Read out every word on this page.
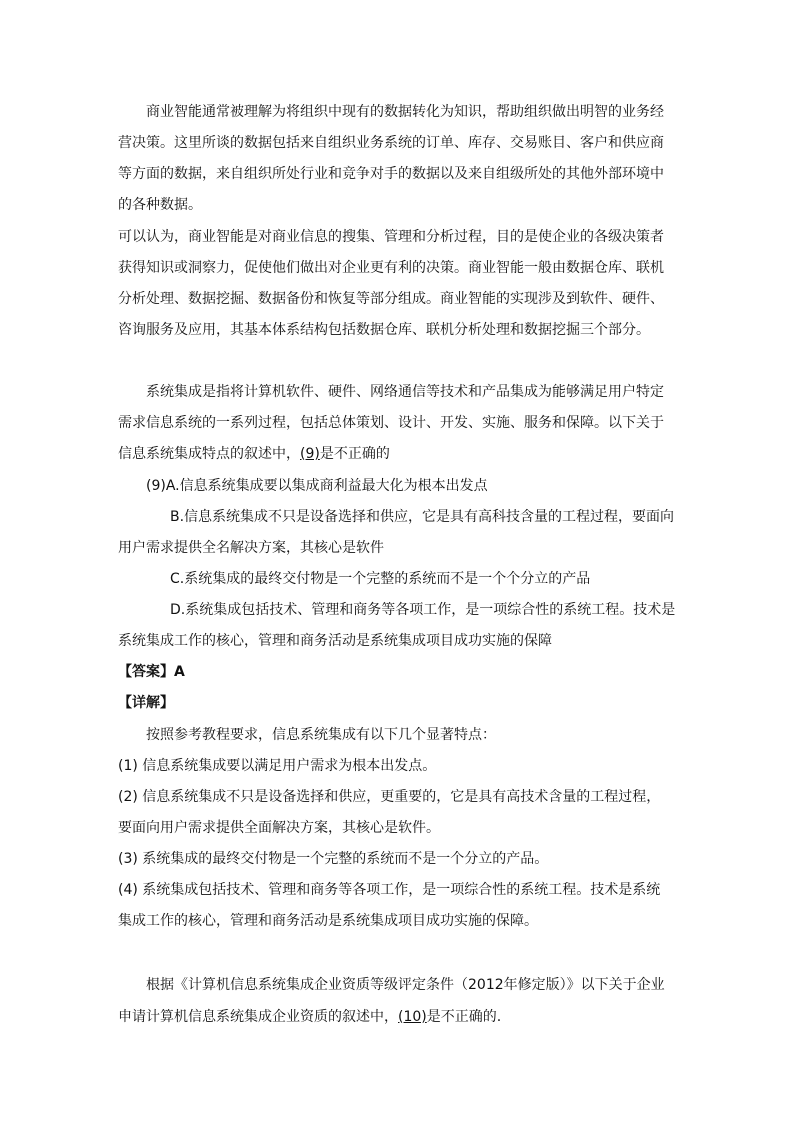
商业智能通常被理解为将组织中现有的数据转化为知识，帮助组织做出明智的业务经

营决策。这里所谈的数据包括来自组织业务系统的订单、库存、交易账目、客户和供应商

等方面的数据，来自组织所处行业和竞争对手的数据以及来自组级所处的其他外部环境中

的各种数据。

可以认为，商业智能是对商业信息的搜集、管理和分析过程，目的是使企业的各级决策者

获得知识或洞察力，促使他们做出对企业更有利的决策。商业智能一般由数据仓库、联机

分析处理、数据挖掘、数据备份和恢复等部分组成。商业智能的实现涉及到软件、硬件、

咨询服务及应用，其基本体系结构包括数据仓库、联机分析处理和数据挖掘三个部分。

系统集成是指将计算机软件、硬件、网络通信等技术和产品集成为能够满足用户特定

需求信息系统的一系列过程，包括总体策划、设计、开发、实施、服务和保障。以下关于

信息系统集成特点的叙述中，(9)是不正确的

(9)A.信息系统集成要以集成商利益最大化为根本出发点

B.信息系统集成不只是设备选择和供应，它是具有高科技含量的工程过程，要面向

用户需求提供全名解决方案，其核心是软件

C.系统集成的最终交付物是一个完整的系统而不是一个个分立的产品

D.系统集成包括技术、管理和商务等各项工作，是一项综合性的系统工程。技术是

系统集成工作的核心，管理和商务活动是系统集成项目成功实施的保障

【答案】A

【详解】

按照参考教程要求，信息系统集成有以下几个显著特点：

(1) 信息系统集成要以满足用户需求为根本出发点。

(2) 信息系统集成不只是设备选择和供应，更重要的，它是具有高技术含量的工程过程，

要面向用户需求提供全面解决方案，其核心是软件。

(3) 系统集成的最终交付物是一个完整的系统而不是一个分立的产品。

(4) 系统集成包括技术、管理和商务等各项工作，是一项综合性的系统工程。技术是系统

集成工作的核心，管理和商务活动是系统集成项目成功实施的保障。

根据《计算机信息系统集成企业资质等级评定条件（2012年修定版）》以下关于企业

申请计算机信息系统集成企业资质的叙述中，(10)是不正确的.
